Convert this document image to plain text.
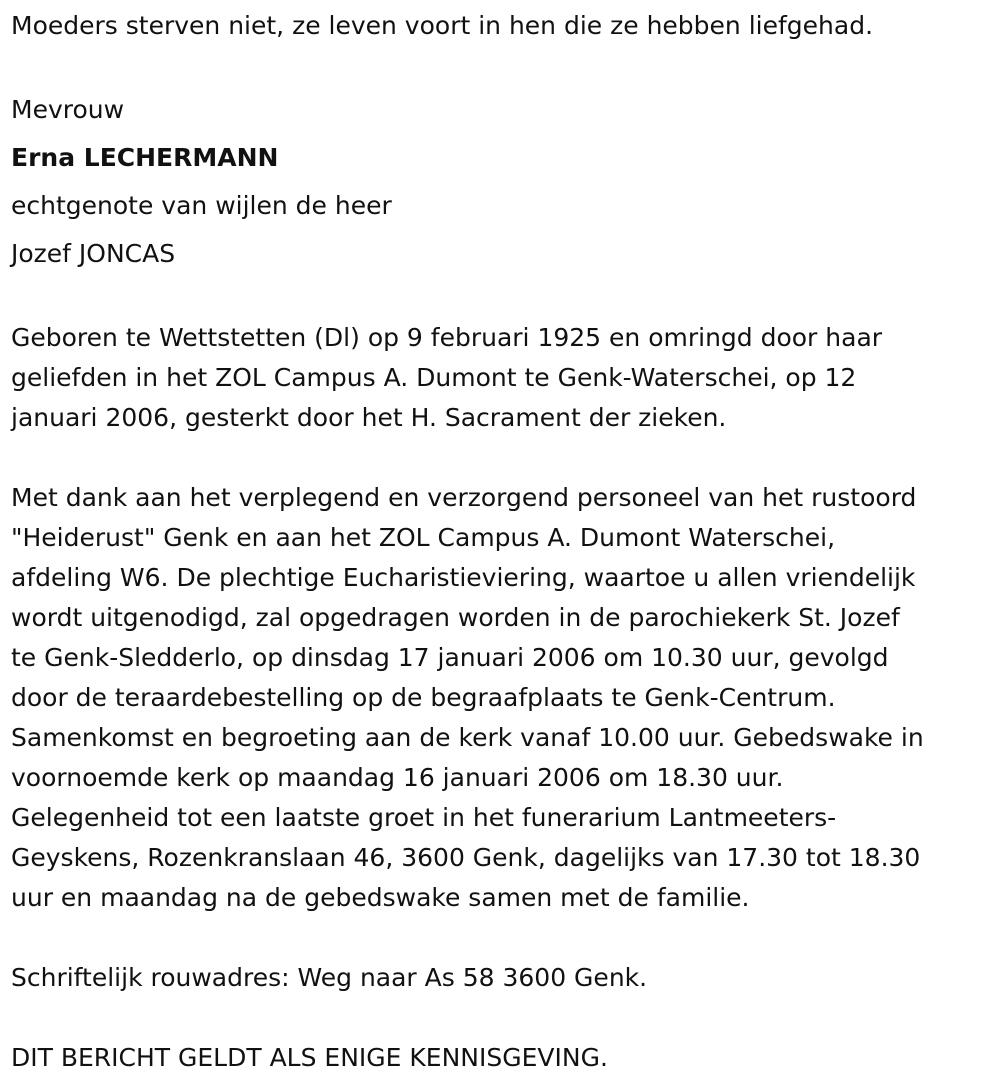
Moeders sterven niet, ze leven voort in hen die ze hebben liefgehad.

Mevrouw

Erna LECHERMANN

echtgenote van wijlen de heer

Jozef JONCAS

Geboren te Wettstetten (Dl) op 9 februari 1925 en omringd door haar

geliefden in het ZOL Campus A. Dumont te Genk-Waterschei, op 12

januari 2006, gesterkt door het H. Sacrament der zieken.

Met dank aan het verplegend en verzorgend personeel van het rustoord

"Heiderust" Genk en aan het ZOL Campus A. Dumont Waterschei,

afdeling W6. De plechtige Eucharistieviering, waartoe u allen vriendelijk

wordt uitgenodigd, zal opgedragen worden in de parochiekerk St. Jozef

te Genk-Sledderlo, op dinsdag 17 januari 2006 om 10.30 uur, gevolgd

door de teraardebestelling op de begraafplaats te Genk-Centrum.

Samenkomst en begroeting aan de kerk vanaf 10.00 uur. Gebedswake in

voornoemde kerk op maandag 16 januari 2006 om 18.30 uur.

Gelegenheid tot een laatste groet in het funerarium Lantmeeters-

Geyskens, Rozenkranslaan 46, 3600 Genk, dagelijks van 17.30 tot 18.30

uur en maandag na de gebedswake samen met de familie.

Schriftelijk rouwadres: Weg naar As 58 3600 Genk.

DIT BERICHT GELDT ALS ENIGE KENNISGEVING.
